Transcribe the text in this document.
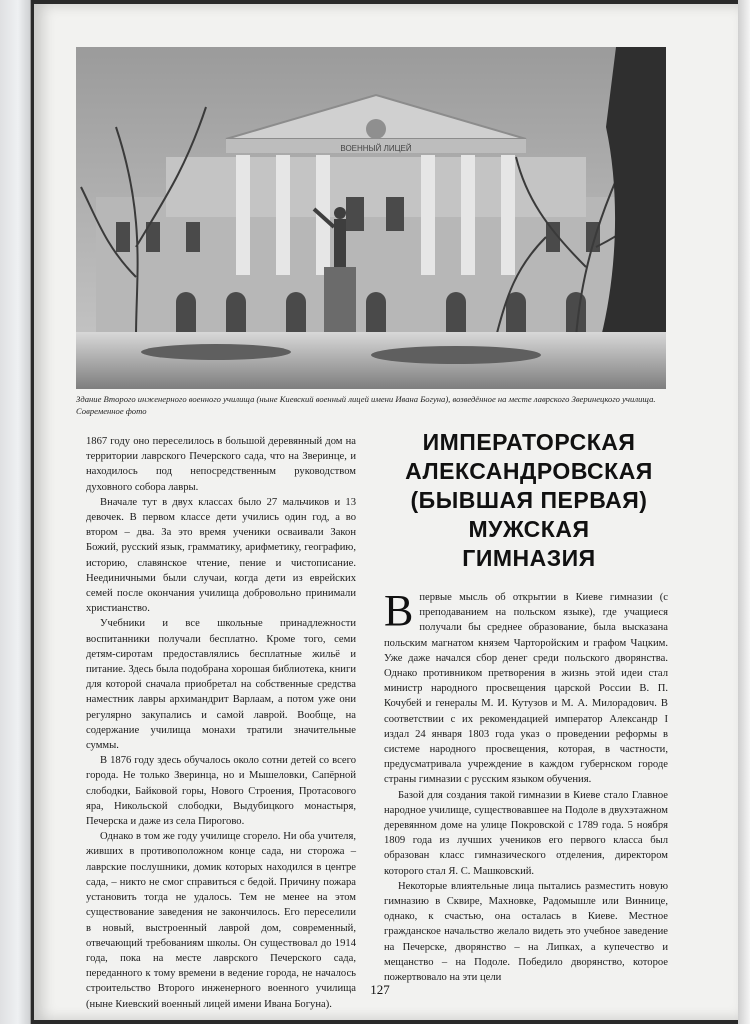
ВОЕННЫЙ ЛИЦЕЙ
Здание Второго инженерного военного училища (ныне Киевский военный лицей имени Ивана Богуна), возведённое на месте лаврского Зверинецкого училища. Современное фото

1867 году оно переселилось в большой деревянный дом на территории лаврского Печерского сада, что на Зверинце, и находилось под непосредственным руководством духовного собора лавры.

Вначале тут в двух классах было 27 мальчиков и 13 девочек. В первом классе дети учились один год, а во втором – два. За это время ученики осваивали Закон Божий, русский язык, грамматику, арифметику, географию, историю, славянское чтение, пение и чистописание. Неединичными были случаи, когда дети из еврейских семей после окончания училища добровольно принимали христианство.

Учебники и все школьные принадлежности воспитанники получали бесплатно. Кроме того, семи детям-сиротам предоставлялись бесплатные жильё и питание. Здесь была подобрана хорошая библиотека, книги для которой сначала приобретал на собственные средства наместник лавры архимандрит Варлаам, а потом уже они регулярно закупались и самой лаврой. Вообще, на содержание училища монахи тратили значительные суммы.

В 1876 году здесь обучалось около сотни детей со всего города. Не только Зверинца, но и Мышеловки, Сапёрной слободки, Байковой горы, Нового Строения, Протасового яра, Никольской слободки, Выдубицкого монастыря, Печерска и даже из села Пирогово.

Однако в том же году училище сгорело. Ни оба учителя, живших в противоположном конце сада, ни сторожа – лаврские послушники, домик которых находился в центре сада, – никто не смог справиться с бедой. Причину пожара установить тогда не удалось. Тем не менее на этом существование заведения не закончилось. Его переселили в новый, выстроенный лаврой дом, современный, отвечающий требованиям школы. Он существовал до 1914 года, пока на месте лаврского Печерского сада, переданного к тому времени в ведение города, не началось строительство Второго инженерного военного училища (ныне Киевский военный лицей имени Ивана Богуна).

ИМПЕРАТОРСКАЯ
АЛЕКСАНДРОВСКАЯ
(БЫВШАЯ ПЕРВАЯ)
МУЖСКАЯ
ГИМНАЗИЯ

Впервые мысль об открытии в Киеве гимназии (с преподаванием на польском языке), где учащиеся получали бы среднее образование, была высказана польским магнатом князем Чарторойским и графом Чацким. Уже даже начался сбор денег среди польского дворянства. Однако противником претворения в жизнь этой идеи стал министр народного просвещения царской России В. П. Кочубей и генералы М. И. Кутузов и М. А. Милорадович. В соответствии с их рекомендацией император Александр I издал 24 января 1803 года указ о проведении реформы в системе народного просвещения, которая, в частности, предусматривала учреждение в каждом губернском городе страны гимназии с русским языком обучения.

Базой для создания такой гимназии в Киеве стало Главное народное училище, существовавшее на Подоле в двухэтажном деревянном доме на улице Покровской с 1789 года. 5 ноября 1809 года из лучших учеников его первого класса был образован класс гимназического отделения, директором которого стал Я. С. Машковский.

Некоторые влиятельные лица пытались разместить новую гимназию в Сквире, Махновке, Радомышле или Виннице, однако, к счастью, она осталась в Киеве. Местное гражданское начальство желало видеть это учебное заведение на Печерске, дворянство – на Липках, а купечество и мещанство – на Подоле. Победило дворянство, которое пожертвовало на эти цели

127
